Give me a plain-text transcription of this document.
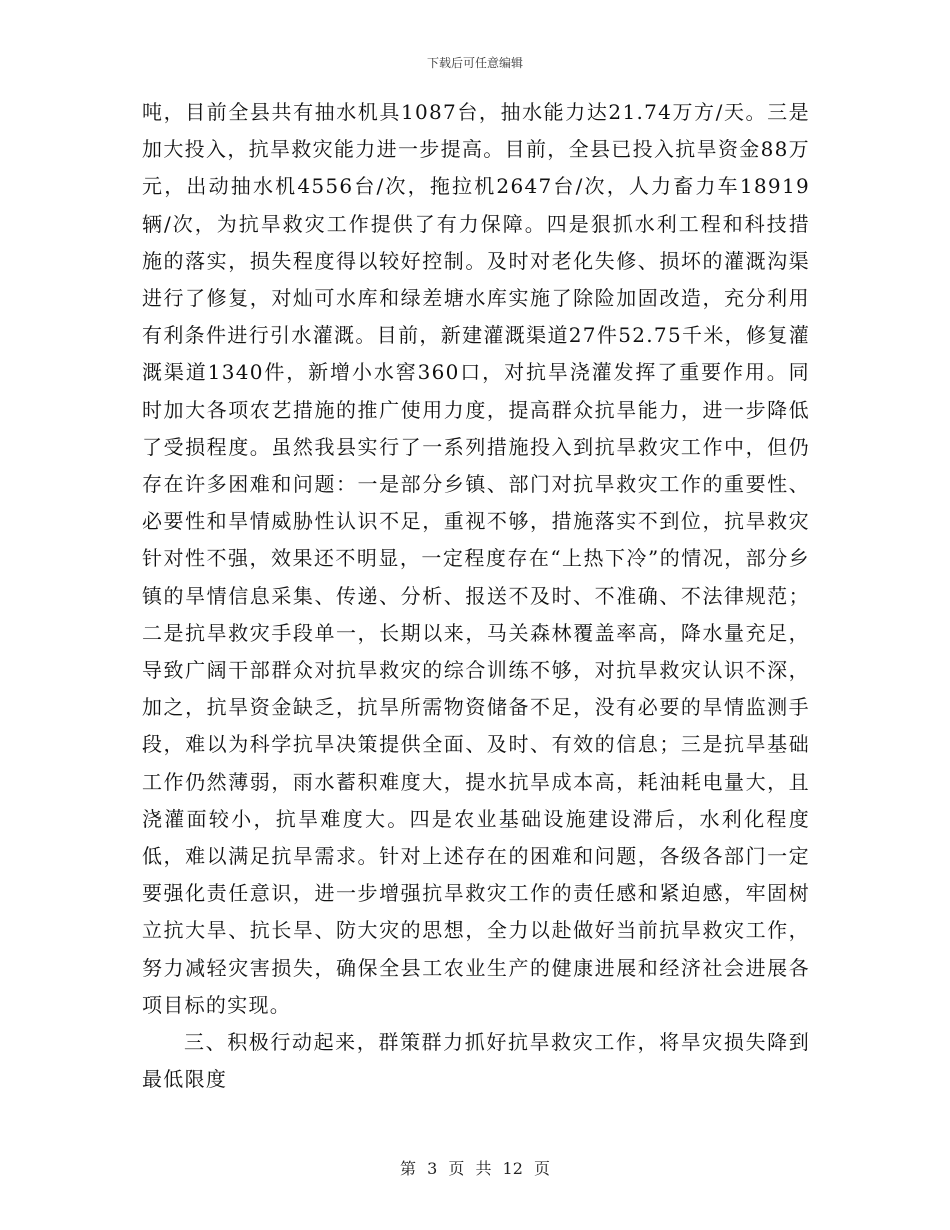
下载后可任意编辑

吨，目前全县共有抽水机具1087台，抽水能力达21.74万方/天。三是加大投入，抗旱救灾能力进一步提高。目前，全县已投入抗旱资金88万元，出动抽水机4556台/次，拖拉机2647台/次，人力畜力车18919辆/次，为抗旱救灾工作提供了有力保障。四是狠抓水利工程和科技措施的落实，损失程度得以较好控制。及时对老化失修、损坏的灌溉沟渠进行了修复，对灿可水库和绿差塘水库实施了除险加固改造，充分利用有利条件进行引水灌溉。目前，新建灌溉渠道27件52.75千米，修复灌溉渠道1340件，新增小水窖360口，对抗旱浇灌发挥了重要作用。同时加大各项农艺措施的推广使用力度，提高群众抗旱能力，进一步降低了受损程度。虽然我县实行了一系列措施投入到抗旱救灾工作中，但仍存在许多困难和问题：一是部分乡镇、部门对抗旱救灾工作的重要性、必要性和旱情威胁性认识不足，重视不够，措施落实不到位，抗旱救灾针对性不强，效果还不明显，一定程度存在“上热下冷”的情况，部分乡镇的旱情信息采集、传递、分析、报送不及时、不准确、不法律规范；二是抗旱救灾手段单一，长期以来，马关森林覆盖率高，降水量充足，导致广阔干部群众对抗旱救灾的综合训练不够，对抗旱救灾认识不深，加之，抗旱资金缺乏，抗旱所需物资储备不足，没有必要的旱情监测手段，难以为科学抗旱决策提供全面、及时、有效的信息；三是抗旱基础工作仍然薄弱，雨水蓄积难度大，提水抗旱成本高，耗油耗电量大，且浇灌面较小，抗旱难度大。四是农业基础设施建设滞后，水利化程度低，难以满足抗旱需求。针对上述存在的困难和问题，各级各部门一定要强化责任意识，进一步增强抗旱救灾工作的责任感和紧迫感，牢固树立抗大旱、抗长旱、防大灾的思想，全力以赴做好当前抗旱救灾工作，努力减轻灾害损失，确保全县工农业生产的健康进展和经济社会进展各项目标的实现。

三、积极行动起来，群策群力抓好抗旱救灾工作，将旱灾损失降到最低限度

第 3 页 共 12 页
